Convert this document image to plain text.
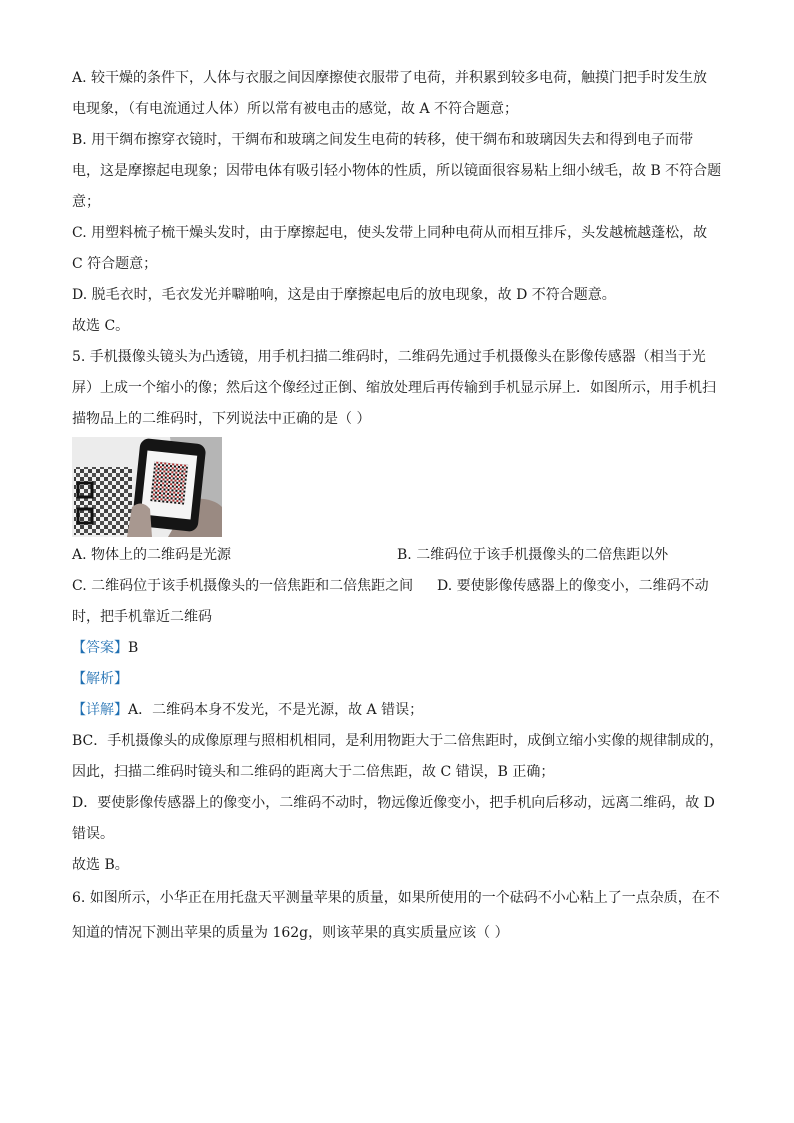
A. 较干燥的条件下，人体与衣服之间因摩擦使衣服带了电荷，并积累到较多电荷，触摸门把手时发生放
电现象，（有电流通过人体）所以常有被电击的感觉，故 A 不符合题意；
B. 用干绸布擦穿衣镜时，干绸布和玻璃之间发生电荷的转移，使干绸布和玻璃因失去和得到电子而带
电，这是摩擦起电现象；因带电体有吸引轻小物体的性质，所以镜面很容易粘上细小绒毛，故 B 不符合题
意；
C. 用塑料梳子梳干燥头发时，由于摩擦起电，使头发带上同种电荷从而相互排斥，头发越梳越蓬松，故
C 符合题意；
D. 脱毛衣时，毛衣发光并噼啪响，这是由于摩擦起电后的放电现象，故 D 不符合题意。
故选 C。
5. 手机摄像头镜头为凸透镜，用手机扫描二维码时，二维码先通过手机摄像头在影像传感器（相当于光
屏）上成一个缩小的像；然后这个像经过正倒、缩放处理后再传输到手机显示屏上．如图所示，用手机扫
描物品上的二维码时，下列说法中正确的是（ ）
A. 物体上的二维码是光源	B. 二维码位于该手机摄像头的二倍焦距以外
C. 二维码位于该手机摄像头的一倍焦距和二倍焦距之间 D. 要使影像传感器上的像变小，二维码不动
时，把手机靠近二维码
【答案】B
【解析】
【详解】A．二维码本身不发光，不是光源，故 A 错误；
BC．手机摄像头的成像原理与照相机相同，是利用物距大于二倍焦距时，成倒立缩小实像的规律制成的，
因此，扫描二维码时镜头和二维码的距离大于二倍焦距，故 C 错误，B 正确；
D．要使影像传感器上的像变小，二维码不动时，物远像近像变小，把手机向后移动，远离二维码，故 D
错误。
故选 B。
6. 如图所示，小华正在用托盘天平测量苹果的质量，如果所使用的一个砝码不小心粘上了一点杂质，在不
知道的情况下测出苹果的质量为 162g，则该苹果的真实质量应该（ ）
